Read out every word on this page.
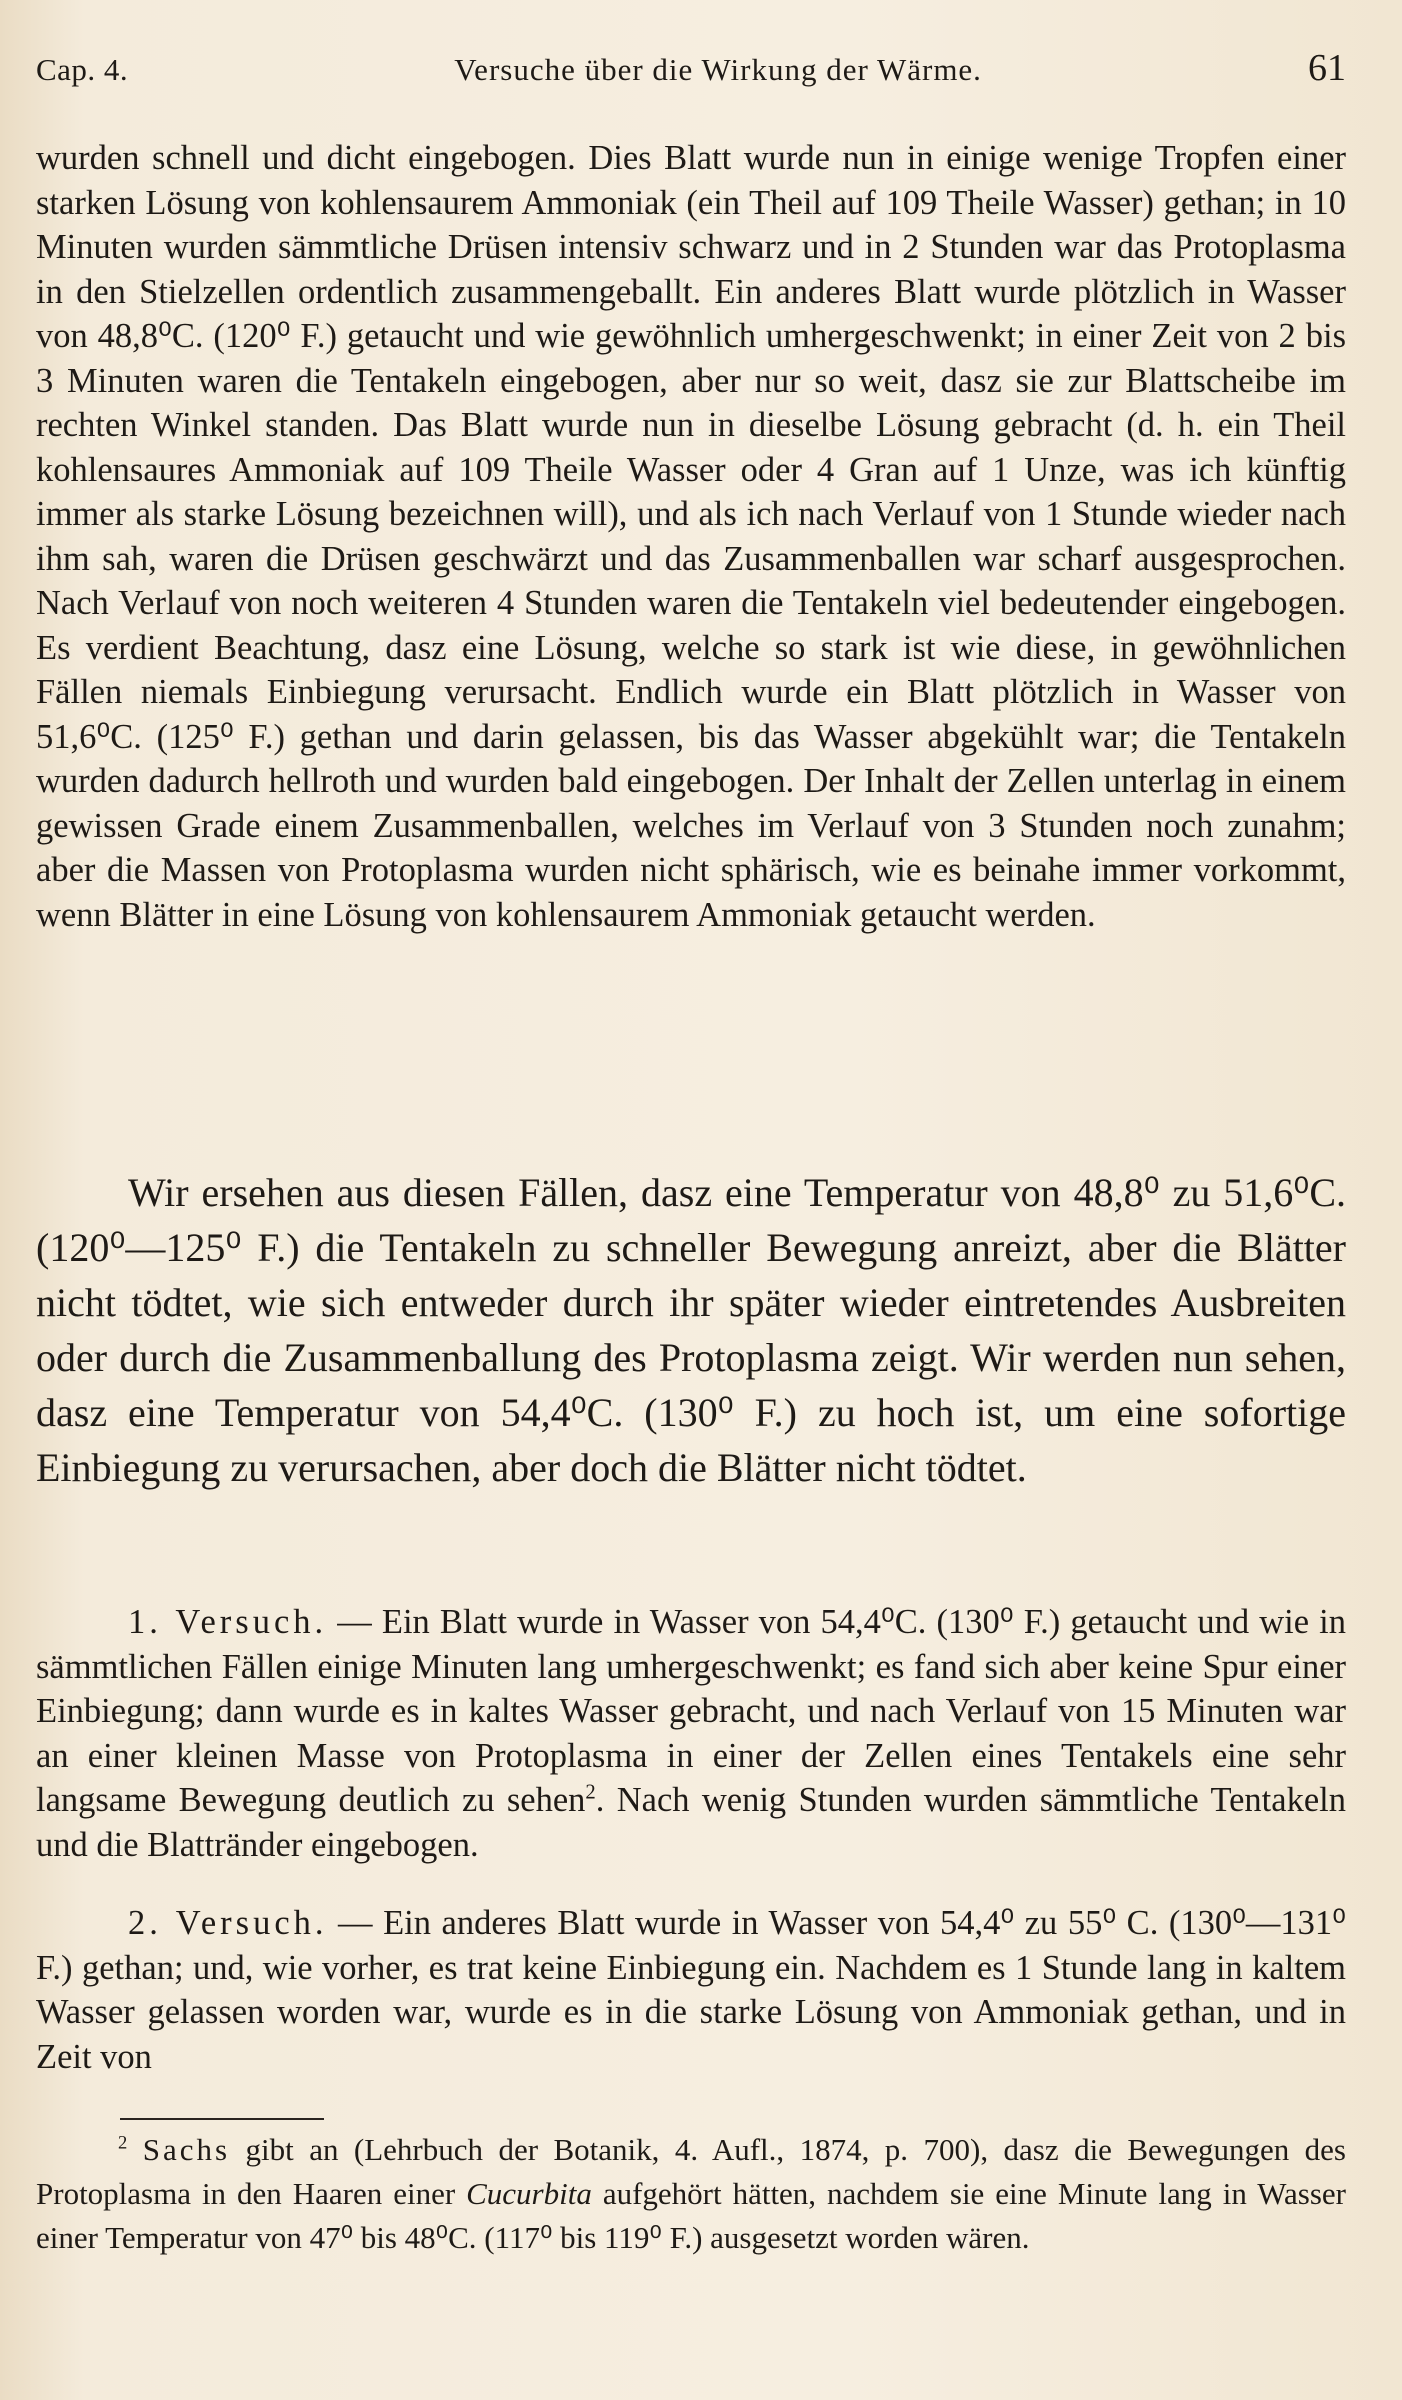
Cap. 4.	Versuche über die Wirkung der Wärme.	61
wurden schnell und dicht eingebogen. Dies Blatt wurde nun in einige wenige Tropfen einer starken Lösung von kohlensaurem Ammoniak (ein Theil auf 109 Theile Wasser) gethan; in 10 Minuten wurden sämmtliche Drüsen intensiv schwarz und in 2 Stunden war das Protoplasma in den Stielzellen ordentlich zusammengeballt. Ein anderes Blatt wurde plötzlich in Wasser von 48,8⁰C. (120⁰ F.) getaucht und wie gewöhnlich umhergeschwenkt; in einer Zeit von 2 bis 3 Minuten waren die Tentakeln eingebogen, aber nur so weit, dasz sie zur Blattscheibe im rechten Winkel standen. Das Blatt wurde nun in dieselbe Lösung gebracht (d. h. ein Theil kohlensaures Ammoniak auf 109 Theile Wasser oder 4 Gran auf 1 Unze, was ich künftig immer als starke Lösung bezeichnen will), und als ich nach Verlauf von 1 Stunde wieder nach ihm sah, waren die Drüsen geschwärzt und das Zusammenballen war scharf ausgesprochen. Nach Verlauf von noch weiteren 4 Stunden waren die Tentakeln viel bedeutender eingebogen. Es verdient Beachtung, dasz eine Lösung, welche so stark ist wie diese, in gewöhnlichen Fällen niemals Einbiegung verursacht. Endlich wurde ein Blatt plötzlich in Wasser von 51,6⁰C. (125⁰ F.) gethan und darin gelassen, bis das Wasser abgekühlt war; die Tentakeln wurden dadurch hellroth und wurden bald eingebogen. Der Inhalt der Zellen unterlag in einem gewissen Grade einem Zusammenballen, welches im Verlauf von 3 Stunden noch zunahm; aber die Massen von Protoplasma wurden nicht sphärisch, wie es beinahe immer vorkommt, wenn Blätter in eine Lösung von kohlensaurem Ammoniak getaucht werden.
Wir ersehen aus diesen Fällen, dasz eine Temperatur von 48,8⁰ zu 51,6⁰C. (120⁰—125⁰ F.) die Tentakeln zu schneller Bewegung anreizt, aber die Blätter nicht tödtet, wie sich entweder durch ihr später wieder eintretendes Ausbreiten oder durch die Zusammenballung des Protoplasma zeigt. Wir werden nun sehen, dasz eine Temperatur von 54,4⁰C. (130⁰ F.) zu hoch ist, um eine sofortige Einbiegung zu verursachen, aber doch die Blätter nicht tödtet.
1. Versuch. — Ein Blatt wurde in Wasser von 54,4⁰C. (130⁰ F.) getaucht und wie in sämmtlichen Fällen einige Minuten lang umhergeschwenkt; es fand sich aber keine Spur einer Einbiegung; dann wurde es in kaltes Wasser gebracht, und nach Verlauf von 15 Minuten war an einer kleinen Masse von Protoplasma in einer der Zellen eines Tentakels eine sehr langsame Bewegung deutlich zu sehen$^2$. Nach wenig Stunden wurden sämmtliche Tentakeln und die Blattränder eingebogen.
2. Versuch. — Ein anderes Blatt wurde in Wasser von 54,4⁰ zu 55⁰ C. (130⁰—131⁰ F.) gethan; und, wie vorher, es trat keine Einbiegung ein. Nachdem es 1 Stunde lang in kaltem Wasser gelassen worden war, wurde es in die starke Lösung von Ammoniak gethan, und in Zeit von
$^2$ Sachs gibt an (Lehrbuch der Botanik, 4. Aufl., 1874, p. 700), dasz die Bewegungen des Protoplasma in den Haaren einer Cucurbita aufgehört hätten, nachdem sie eine Minute lang in Wasser einer Temperatur von 47⁰ bis 48⁰C. (117⁰ bis 119⁰ F.) ausgesetzt worden wären.
